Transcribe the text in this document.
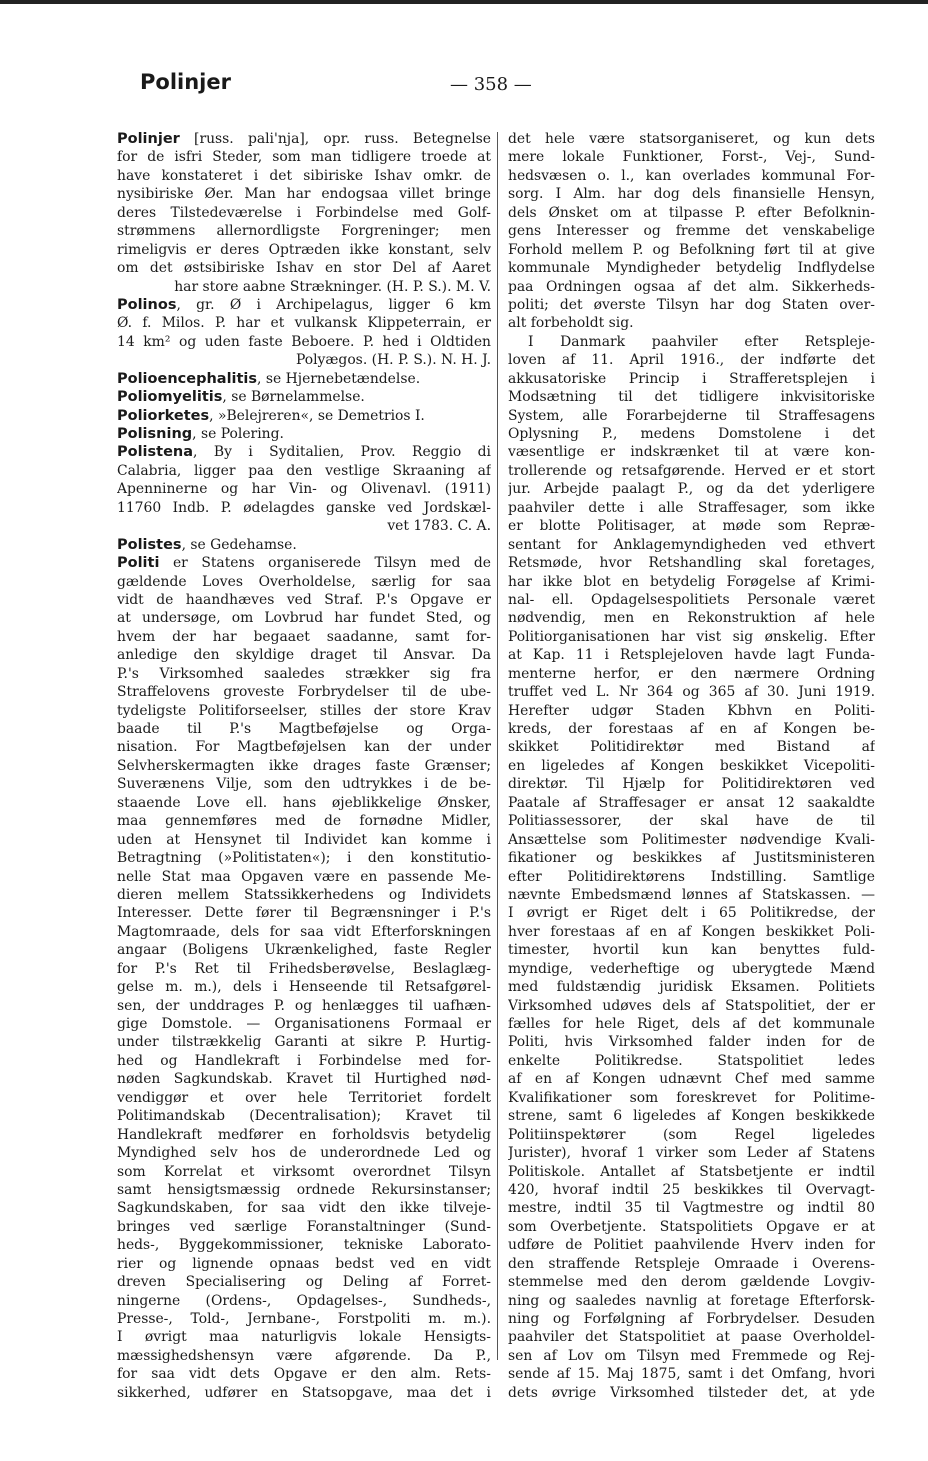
Polinjer	— 358 —
Polinjer [russ. pali'nja], opr. russ. Betegnelse
for de isfri Steder, som man tidligere troede at
have konstateret i det sibiriske Ishav omkr. de
nysibiriske Øer. Man har endogsaa villet bringe
deres Tilstedeværelse i Forbindelse med Golf-
strømmens allernordligste Forgreninger; men
rimeligvis er deres Optræden ikke konstant, selv
om det østsibiriske Ishav en stor Del af Aaret
har store aabne Strækninger. (H. P. S.). M. V.
Polinos, gr. Ø i Archipelagus, ligger 6 km
Ø. f. Milos. P. har et vulkansk Klippeterrain, er
14 km² og uden faste Beboere. P. hed i Oldtiden
Polyægos. (H. P. S.). N. H. J.
Polioencephalitis, se Hjernebetændelse.
Poliomyelitis, se Børnelammelse.
Poliorketes, »Belejreren«, se Demetrios I.
Polisning, se Polering.
Polistena, By i Syditalien, Prov. Reggio di
Calabria, ligger paa den vestlige Skraaning af
Apenninerne og har Vin- og Olivenavl. (1911)
11760 Indb. P. ødelagdes ganske ved Jordskæl-
vet 1783. C. A.
Polistes, se Gedehamse.
Politi er Statens organiserede Tilsyn med de
gældende Loves Overholdelse, særlig for saa
vidt de haandhæves ved Straf. P.'s Opgave er
at undersøge, om Lovbrud har fundet Sted, og
hvem der har begaaet saadanne, samt for-
anledige den skyldige draget til Ansvar. Da
P.'s Virksomhed saaledes strækker sig fra
Straffelovens groveste Forbrydelser til de ube-
tydeligste Politiforseelser, stilles der store Krav
baade til P.'s Magtbeføjelse og Orga-
nisation. For Magtbeføjelsen kan der under
Selvherskermagten ikke drages faste Grænser;
Suverænens Vilje, som den udtrykkes i de be-
staaende Love ell. hans øjeblikkelige Ønsker,
maa gennemføres med de fornødne Midler,
uden at Hensynet til Individet kan komme i
Betragtning (»Politistaten«); i den konstitutio-
nelle Stat maa Opgaven være en passende Me-
dieren mellem Statssikkerhedens og Individets
Interesser. Dette fører til Begrænsninger i P.'s
Magtomraade, dels for saa vidt Efterforskningen
angaar (Boligens Ukrænkelighed, faste Regler
for P.'s Ret til Frihedsberøvelse, Beslaglæg-
gelse m. m.), dels i Henseende til Retsafgørel-
sen, der unddrages P. og henlægges til uafhæn-
gige Domstole. — Organisationens Formaal er
under tilstrækkelig Garanti at sikre P. Hurtig-
hed og Handlekraft i Forbindelse med for-
nøden Sagkundskab. Kravet til Hurtighed nød-
vendiggør et over hele Territoriet fordelt
Politimandskab (Decentralisation); Kravet til
Handlekraft medfører en forholdsvis betydelig
Myndighed selv hos de underordnede Led og
som Korrelat et virksomt overordnet Tilsyn
samt hensigtsmæssig ordnede Rekursinstanser;
Sagkundskaben, for saa vidt den ikke tilveje-
bringes ved særlige Foranstaltninger (Sund-
heds-, Byggekommissioner, tekniske Laborato-
rier og lignende opnaas bedst ved en vidt
dreven Specialisering og Deling af Forret-
ningerne (Ordens-, Opdagelses-, Sundheds-,
Presse-, Told-, Jernbane-, Forstpoliti m. m.).
I øvrigt maa naturligvis lokale Hensigts-
mæssighedshensyn være afgørende. Da P.,
for saa vidt dets Opgave er den alm. Rets-
sikkerhed, udfører en Statsopgave, maa det i
det hele være statsorganiseret, og kun dets
mere lokale Funktioner, Forst-, Vej-, Sund-
hedsvæsen o. l., kan overlades kommunal For-
sorg. I Alm. har dog dels finansielle Hensyn,
dels Ønsket om at tilpasse P. efter Befolknin-
gens Interesser og fremme det venskabelige
Forhold mellem P. og Befolkning ført til at give
kommunale Myndigheder betydelig Indflydelse
paa Ordningen ogsaa af det alm. Sikkerheds-
politi; det øverste Tilsyn har dog Staten over-
alt forbeholdt sig.
I Danmark paahviler efter Retspleje-
loven af 11. April 1916., der indførte det
akkusatoriske Princip i Strafferetsplejen i
Modsætning til det tidligere inkvisitoriske
System, alle Forarbejderne til Straffesagens
Oplysning P., medens Domstolene i det
væsentlige er indskrænket til at være kon-
trollerende og retsafgørende. Herved er et stort
jur. Arbejde paalagt P., og da det yderligere
paahviler dette i alle Straffesager, som ikke
er blotte Politisager, at møde som Repræ-
sentant for Anklagemyndigheden ved ethvert
Retsmøde, hvor Retshandling skal foretages,
har ikke blot en betydelig Forøgelse af Krimi-
nal- ell. Opdagelsespolitiets Personale været
nødvendig, men en Rekonstruktion af hele
Politiorganisationen har vist sig ønskelig. Efter
at Kap. 11 i Retsplejeloven havde lagt Funda-
menterne herfor, er den nærmere Ordning
truffet ved L. Nr 364 og 365 af 30. Juni 1919.
Herefter udgør Staden Kbhvn en Politi-
kreds, der forestaas af en af Kongen be-
skikket Politidirektør med Bistand af
en ligeledes af Kongen beskikket Vicepoliti-
direktør. Til Hjælp for Politidirektøren ved
Paatale af Straffesager er ansat 12 saakaldte
Politiassessorer, der skal have de til
Ansættelse som Politimester nødvendige Kvali-
fikationer og beskikkes af Justitsministeren
efter Politidirektørens Indstilling. Samtlige
nævnte Embedsmænd lønnes af Statskassen. —
I øvrigt er Riget delt i 65 Politikredse, der
hver forestaas af en af Kongen beskikket Poli-
timester, hvortil kun kan benyttes fuld-
myndige, vederheftige og uberygtede Mænd
med fuldstændig juridisk Eksamen. Politiets
Virksomhed udøves dels af Statspolitiet, der er
fælles for hele Riget, dels af det kommunale
Politi, hvis Virksomhed falder inden for de
enkelte Politikredse. Statspolitiet ledes
af en af Kongen udnævnt Chef med samme
Kvalifikationer som foreskrevet for Politime-
strene, samt 6 ligeledes af Kongen beskikkede
Politiinspektører (som Regel ligeledes
Jurister), hvoraf 1 virker som Leder af Statens
Politiskole. Antallet af Statsbetjente er indtil
420, hvoraf indtil 25 beskikkes til Overvagt-
mestre, indtil 35 til Vagtmestre og indtil 80
som Overbetjente. Statspolitiets Opgave er at
udføre de Politiet paahvilende Hverv inden for
den straffende Retspleje Omraade i Overens-
stemmelse med den derom gældende Lovgiv-
ning og saaledes navnlig at foretage Efterforsk-
ning og Forfølgning af Forbrydelser. Desuden
paahviler det Statspolitiet at paase Overholdel-
sen af Lov om Tilsyn med Fremmede og Rej-
sende af 15. Maj 1875, samt i det Omfang, hvori
dets øvrige Virksomhed tilsteder det, at yde
